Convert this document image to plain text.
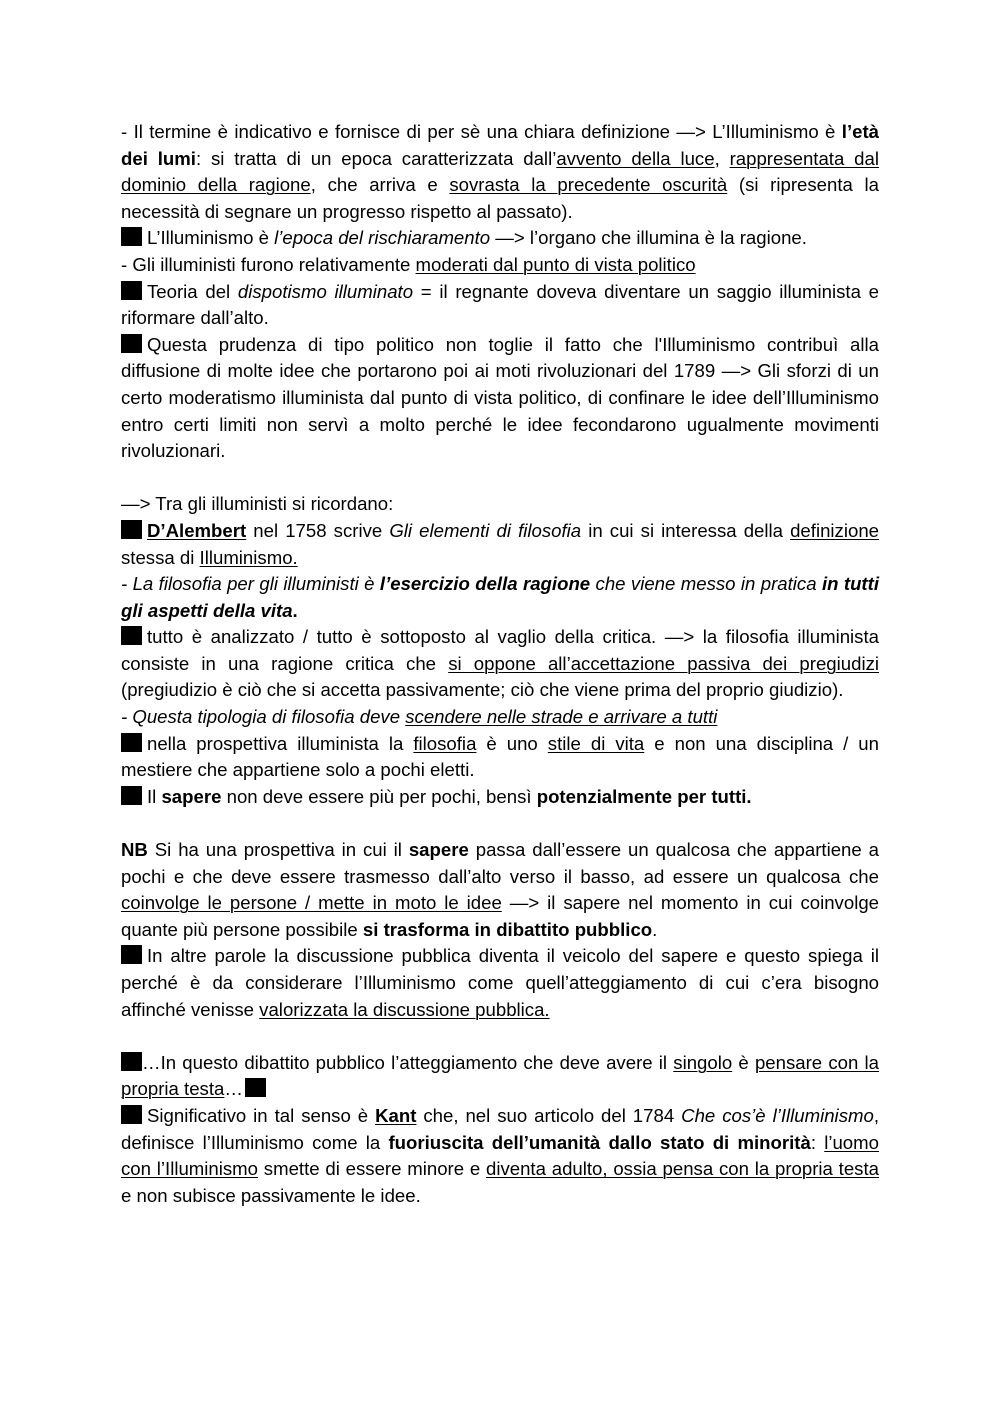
- Il termine è indicativo e fornisce di per sè una chiara definizione —> L’Illuminismo è l’età dei lumi: si tratta di un epoca caratterizzata dall’avvento della luce, rappresentata dal dominio della ragione, che arriva e sovrasta la precedente oscurità (si ripresenta la necessità di segnare un progresso rispetto al passato).

L’Illuminismo è l’epoca del rischiaramento —> l’organo che illumina è la ragione.

- Gli illuministi furono relativamente moderati dal punto di vista politico

Teoria del dispotismo illuminato = il regnante doveva diventare un saggio illuminista e riformare dall’alto.

Questa prudenza di tipo politico non toglie il fatto che l'Illuminismo contribuì alla diffusione di molte idee che portarono poi ai moti rivoluzionari del 1789 —> Gli sforzi di un certo moderatismo illuminista dal punto di vista politico, di confinare le idee dell’Illuminismo entro certi limiti non servì a molto perché le idee fecondarono ugualmente movimenti rivoluzionari.

—> Tra gli illuministi si ricordano:

D’Alembert nel 1758 scrive Gli elementi di filosofia in cui si interessa della definizione stessa di Illuminismo.

- La filosofia per gli illuministi è l’esercizio della ragione che viene messo in pratica in tutti gli aspetti della vita.

tutto è analizzato / tutto è sottoposto al vaglio della critica. —> la filosofia illuminista consiste in una ragione critica che si oppone all’accettazione passiva dei pregiudizi (pregiudizio è ciò che si accetta passivamente; ciò che viene prima del proprio giudizio).

- Questa tipologia di filosofia deve scendere nelle strade e arrivare a tutti

nella prospettiva illuminista la filosofia è uno stile di vita e non una disciplina / un mestiere che appartiene solo a pochi eletti.

Il sapere non deve essere più per pochi, bensì potenzialmente per tutti.

NB Si ha una prospettiva in cui il sapere passa dall’essere un qualcosa che appartiene a pochi e che deve essere trasmesso dall’alto verso il basso, ad essere un qualcosa che coinvolge le persone / mette in moto le idee —> il sapere nel momento in cui coinvolge quante più persone possibile si trasforma in dibattito pubblico.

In altre parole la discussione pubblica diventa il veicolo del sapere e questo spiega il perché è da considerare l’Illuminismo come quell’atteggiamento di cui c’era bisogno affinché venisse valorizzata la discussione pubblica.

…In questo dibattito pubblico l’atteggiamento che deve avere il singolo è pensare con la propria testa…

Significativo in tal senso è Kant che, nel suo articolo del 1784 Che cos’è l’Illuminismo, definisce l’Illuminismo come la fuoriuscita dell’umanità dallo stato di minorità: l’uomo con l’Illuminismo smette di essere minore e diventa adulto, ossia pensa con la propria testa e non subisce passivamente le idee.
